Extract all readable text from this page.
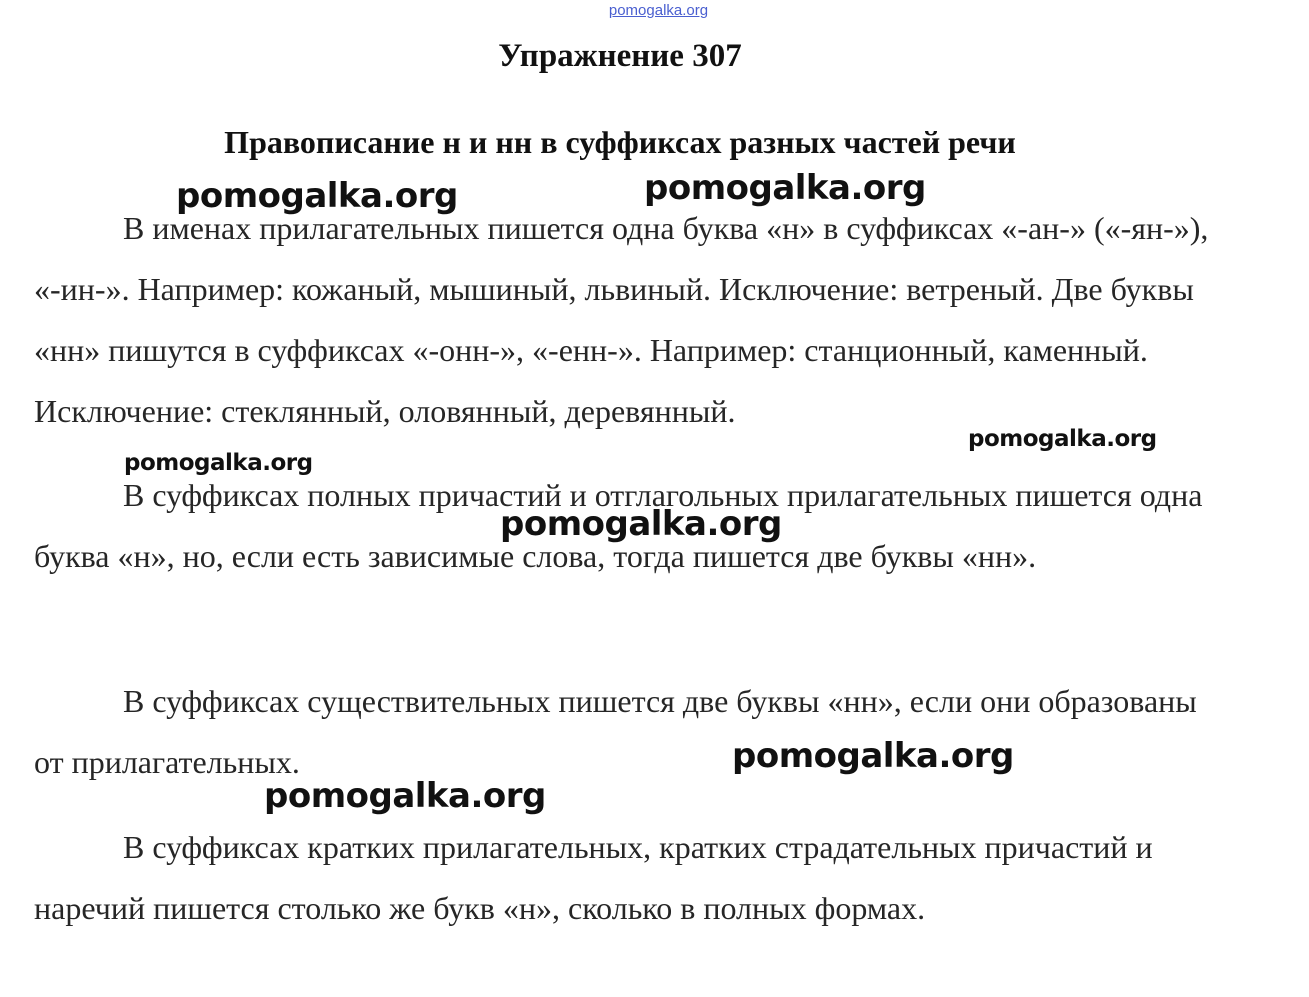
pomogalka.org
Упражнение 307
Правописание н и нн в суффиксах разных частей речи

В именах прилагательных пишется одна буква «н» в суффиксах «-ан-» («-ян-»), «-ин-». Например: кожаный, мышиный, львиный. Исключение: ветреный. Две буквы «нн» пишутся в суффиксах «-онн-», «-енн-». Например: станционный, каменный. Исключение: стеклянный, оловянный, деревянный.

В суффиксах полных причастий и отглагольных прилагательных пишется одна буква «н», но, если есть зависимые слова, тогда пишется две буквы «нн».

В суффиксах существительных пишется две буквы «нн», если они образованы от прилагательных.

В суффиксах кратких прилагательных, кратких страдательных причастий и наречий пишется столько же букв «н», сколько в полных формах.

pomogalka.org	pomogalka.org
pomogalka.org
pomogalka.org
pomogalka.org
pomogalka.org
pomogalka.org
